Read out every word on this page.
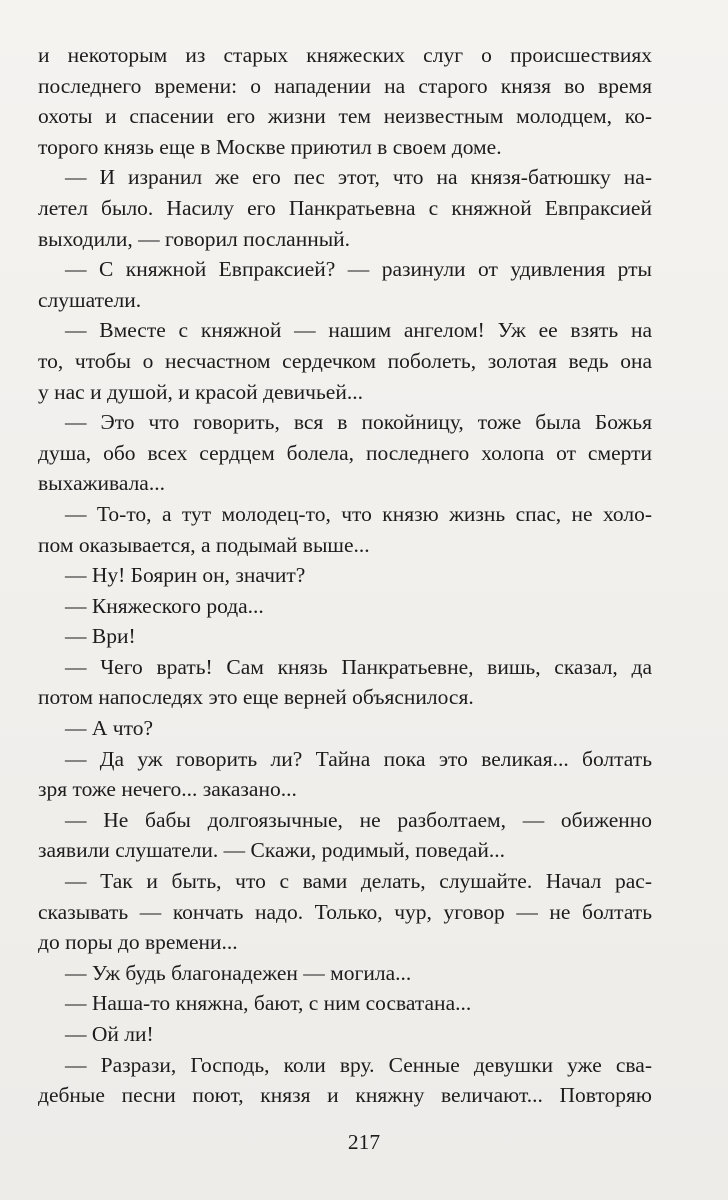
и некоторым из старых княжеских слуг о происшествиях
последнего времени: о нападении на старого князя во время
охоты и спасении его жизни тем неизвестным молодцем, ко-
торого князь еще в Москве приютил в своем доме.
— И изранил же его пес этот, что на князя-батюшку на-
летел было. Насилу его Панкратьевна с княжной Евпраксией
выходили, — говорил посланный.
— С княжной Евпраксией? — разинули от удивления рты
слушатели.
— Вместе с княжной — нашим ангелом! Уж ее взять на
то, чтобы о несчастном сердечком поболеть, золотая ведь она
у нас и душой, и красой девичьей...
— Это что говорить, вся в покойницу, тоже была Божья
душа, обо всех сердцем болела, последнего холопа от смерти
выхаживала...
— То-то, а тут молодец-то, что князю жизнь спас, не холо-
пом оказывается, а подымай выше...
— Ну! Боярин он, значит?
— Княжеского рода...
— Ври!
— Чего врать! Сам князь Панкратьевне, вишь, сказал, да
потом напоследях это еще верней объяснилося.
— А что?
— Да уж говорить ли? Тайна пока это великая... болтать
зря тоже нечего... заказано...
— Не бабы долгоязычные, не разболтаем, — обиженно
заявили слушатели. — Скажи, родимый, поведай...
— Так и быть, что с вами делать, слушайте. Начал рас-
сказывать — кончать надо. Только, чур, уговор — не болтать
до поры до времени...
— Уж будь благонадежен — могила...
— Наша-то княжна, бают, с ним сосватана...
— Ой ли!
— Разрази, Господь, коли вру. Сенные девушки уже сва-
дебные песни поют, князя и княжну величают... Повторяю
217
